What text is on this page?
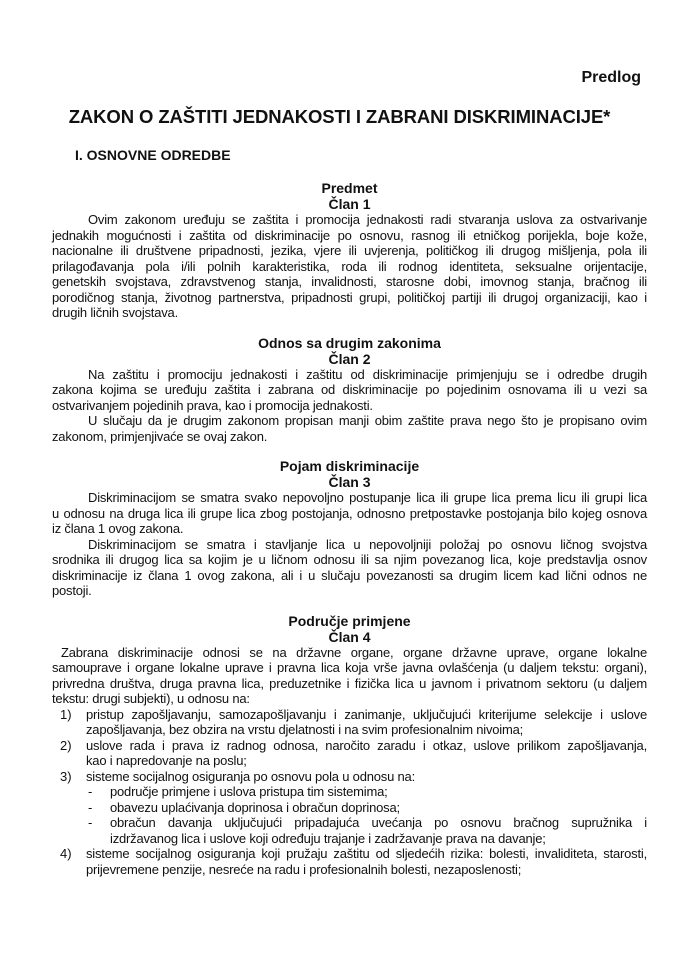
Predlog
ZAKON O ZAŠTITI JEDNAKOSTI I ZABRANI DISKRIMINACIJE*
I. OSNOVNE ODREDBE
Predmet
Član 1
Ovim zakonom uređuju se zaštita i promocija jednakosti radi stvaranja uslova za ostvarivanje
jednakih mogućnosti i zaštita od diskriminacije po osnovu, rasnog ili etničkog porijekla, boje kože,
nacionalne ili društvene pripadnosti, jezika, vjere ili uvjerenja, političkog ili drugog mišljenja, pola ili
prilagođavanja pola i/ili polnih karakteristika, roda ili rodnog identiteta, seksualne orijentacije,
genetskih svojstava, zdravstvenog stanja, invalidnosti, starosne dobi, imovnog stanja, bračnog ili
porodičnog stanja, životnog partnerstva, pripadnosti grupi, političkoj partiji ili drugoj organizaciji, kao i
drugih ličnih svojstava.
Odnos sa drugim zakonima
Član 2
Na zaštitu i promociju jednakosti i zaštitu od diskriminacije primjenjuju se i odredbe drugih
zakona kojima se uređuju zaštita i zabrana od diskriminacije po pojedinim osnovama ili u vezi sa
ostvarivanjem pojedinih prava, kao i promocija jednakosti.
U slučaju da je drugim zakonom propisan manji obim zaštite prava nego što je propisano ovim
zakonom, primjenjivaće se ovaj zakon.
Pojam diskriminacije
Član 3
Diskriminacijom se smatra svako nepovoljno postupanje lica ili grupe lica prema licu ili grupi lica
u odnosu na druga lica ili grupe lica zbog postojanja, odnosno pretpostavke postojanja bilo kojeg osnova
iz člana 1 ovog zakona.
Diskriminacijom se smatra i stavljanje lica u nepovoljniji položaj po osnovu ličnog svojstva
srodnika ili drugog lica sa kojim je u ličnom odnosu ili sa njim povezanog lica, koje predstavlja osnov
diskriminacije iz člana 1 ovog zakona, ali i u slučaju povezanosti sa drugim licem kad lični odnos ne
postoji.
Područje primjene
Član 4
Zabrana diskriminacije odnosi se na državne organe, organe državne uprave, organe lokalne
samouprave i organe lokalne uprave i pravna lica koja vrše javna ovlašćenja (u daljem tekstu: organi),
privredna društva, druga pravna lica, preduzetnike i fizička lica u javnom i privatnom sektoru (u daljem
tekstu: drugi subjekti), u odnosu na:
1) pristup zapošljavanju, samozapošljavanju i zanimanje, uključujući kriterijume selekcije i uslove
zapošljavanja, bez obzira na vrstu djelatnosti i na svim profesionalnim nivoima;
2) uslove rada i prava iz radnog odnosa, naročito zaradu i otkaz, uslove prilikom zapošljavanja,
kao i napredovanje na poslu;
3) sisteme socijalnog osiguranja po osnovu pola u odnosu na:
- područje primjene i uslova pristupa tim sistemima;
- obavezu uplaćivanja doprinosa i obračun doprinosa;
- obračun davanja uključujući pripadajuća uvećanja po osnovu bračnog supružnika i
izdržavanog lica i uslove koji određuju trajanje i zadržavanje prava na davanje;
4) sisteme socijalnog osiguranja koji pružaju zaštitu od sljedećih rizika: bolesti, invaliditeta, starosti,
prijevremene penzije, nesreće na radu i profesionalnih bolesti, nezaposlenosti;
